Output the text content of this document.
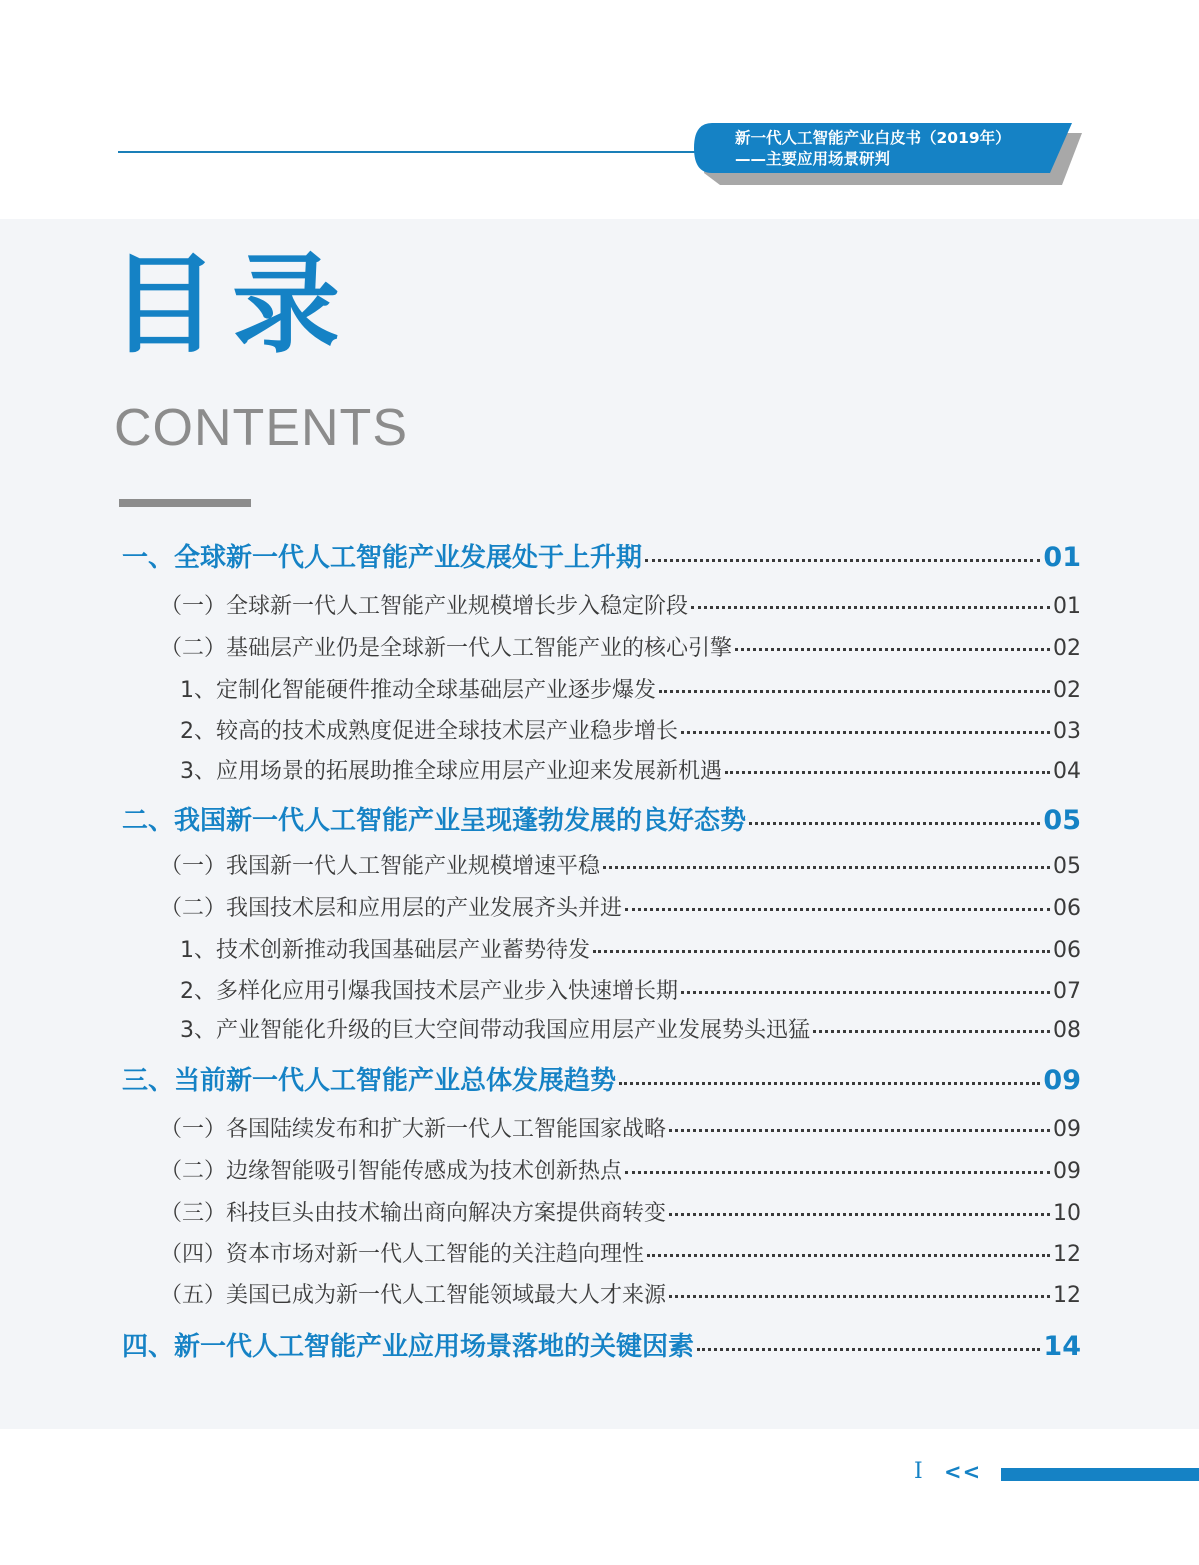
新一代人工智能产业白皮书（2019年）
——主要应用场景研判
目录
CONTENTS
一、全球新一代人工智能产业发展处于上升期	01
（一）全球新一代人工智能产业规模增长步入稳定阶段	01
（二）基础层产业仍是全球新一代人工智能产业的核心引擎	02
1、定制化智能硬件推动全球基础层产业逐步爆发	02
2、较高的技术成熟度促进全球技术层产业稳步增长	03
3、应用场景的拓展助推全球应用层产业迎来发展新机遇	04
二、我国新一代人工智能产业呈现蓬勃发展的良好态势	05
（一）我国新一代人工智能产业规模增速平稳	05
（二）我国技术层和应用层的产业发展齐头并进	06
1、技术创新推动我国基础层产业蓄势待发	06
2、多样化应用引爆我国技术层产业步入快速增长期	07
3、产业智能化升级的巨大空间带动我国应用层产业发展势头迅猛	08
三、当前新一代人工智能产业总体发展趋势	09
（一）各国陆续发布和扩大新一代人工智能国家战略	09
（二）边缘智能吸引智能传感成为技术创新热点	09
（三）科技巨头由技术输出商向解决方案提供商转变	10
（四）资本市场对新一代人工智能的关注趋向理性	12
（五）美国已成为新一代人工智能领域最大人才来源	12
四、新一代人工智能产业应用场景落地的关键因素	14
I <<
